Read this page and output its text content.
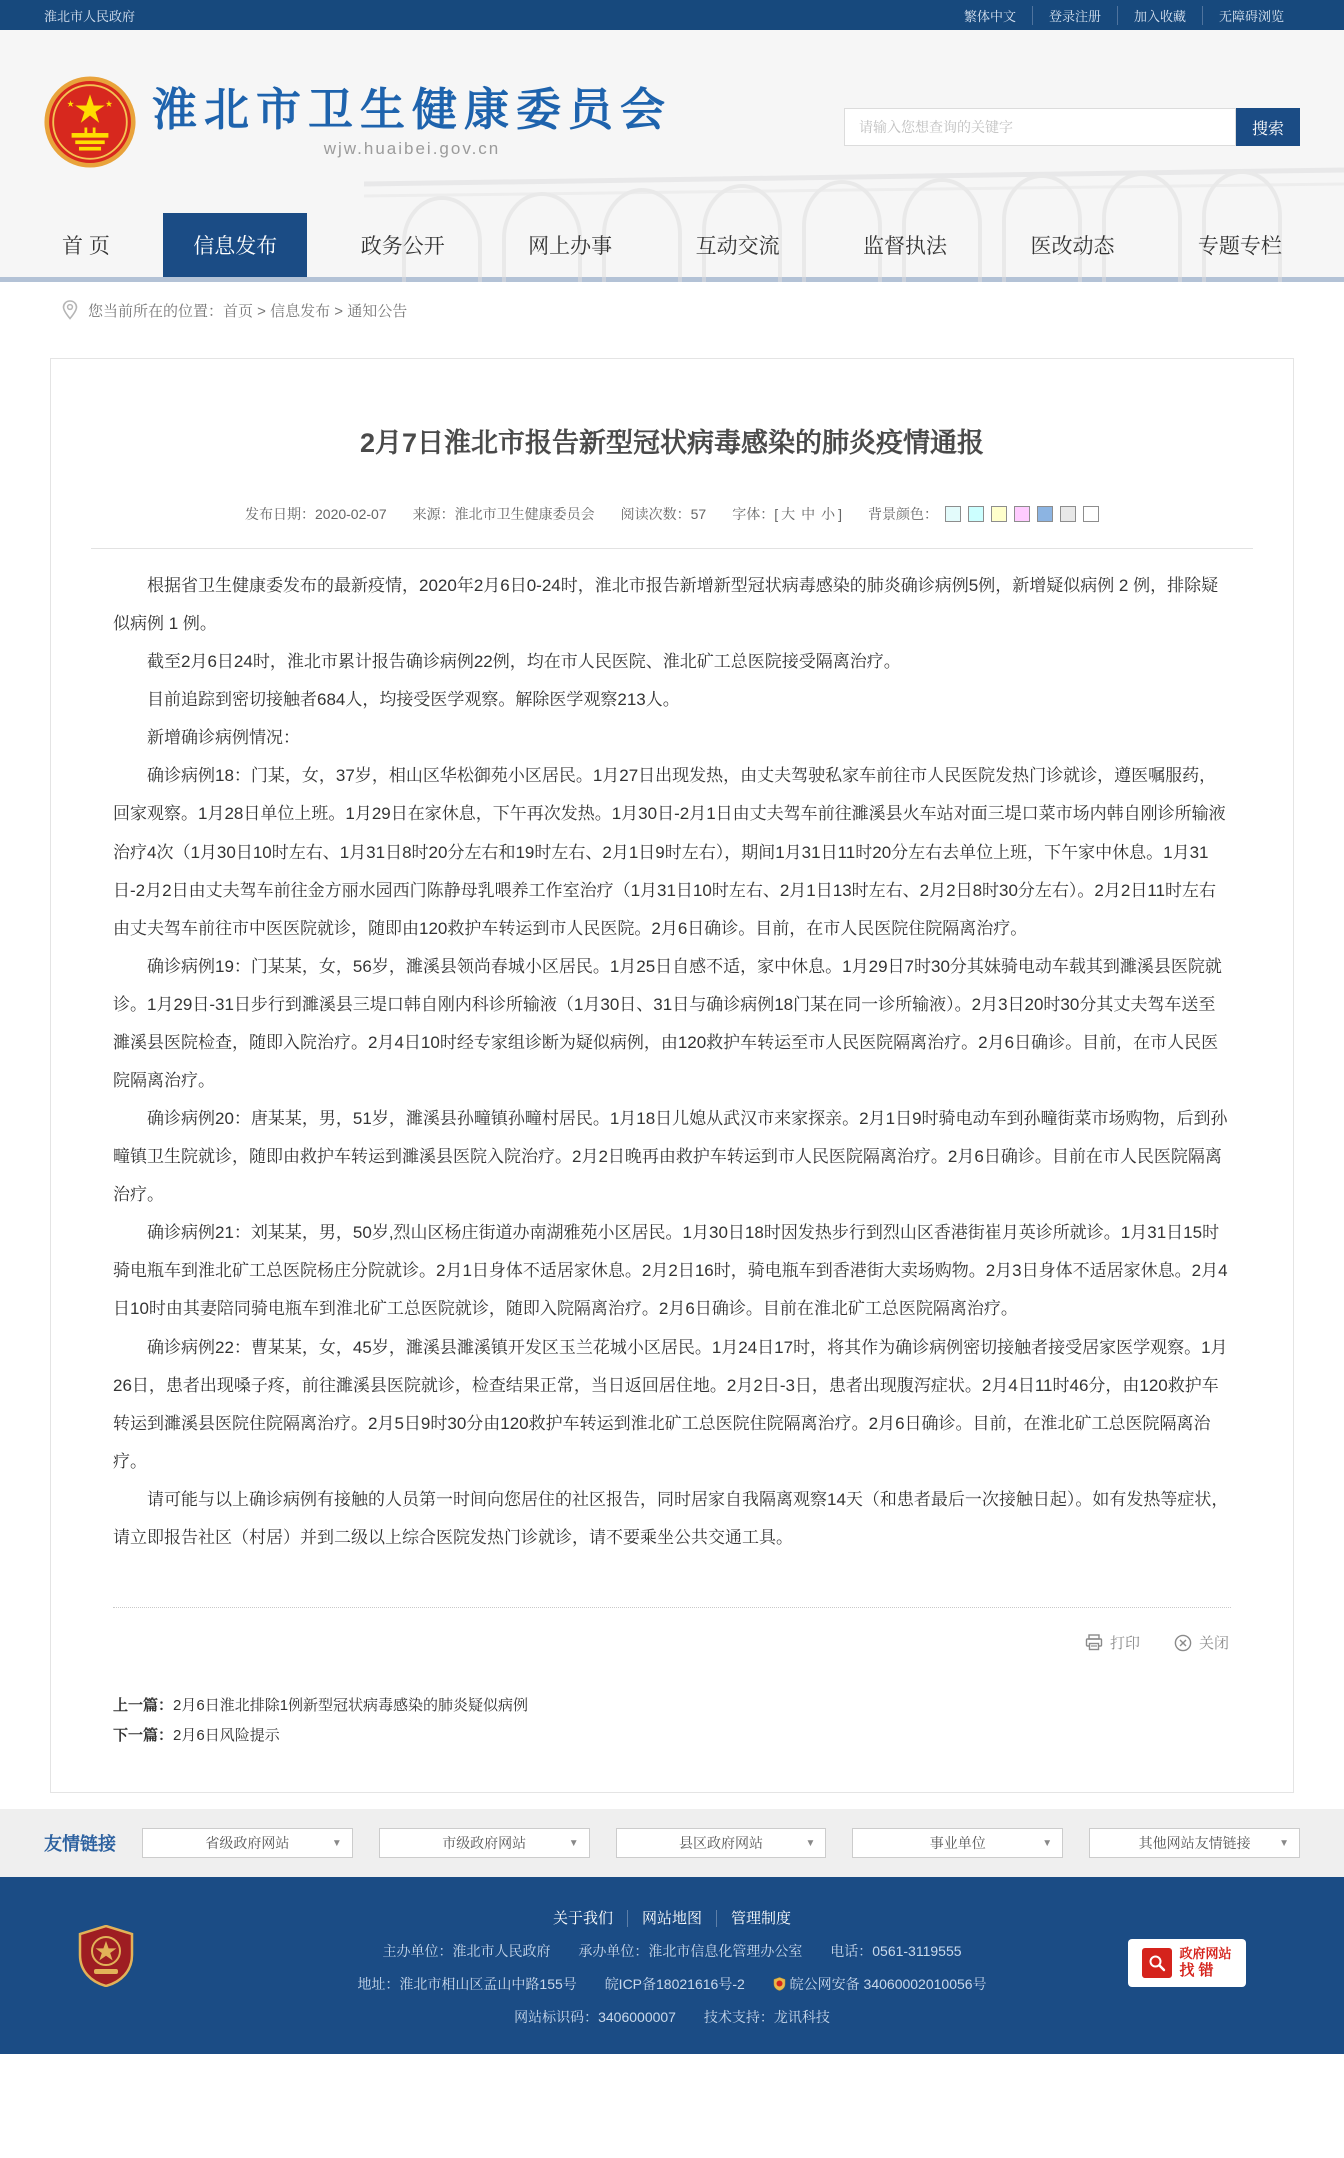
淮北市人民政府	繁体中文	登录注册	加入收藏	无障碍浏览
淮北市卫生健康委员会
wjw.huaibei.gov.cn
请输入您想查询的关键字
搜索
首 页	信息发布	政务公开	网上办事	互动交流	监督执法	医改动态	专题专栏
您当前所在的位置：首页 > 信息发布 > 通知公告
2月7日淮北市报告新型冠状病毒感染的肺炎疫情通报
发布日期：2020-02-07 来源：淮北市卫生健康委员会 阅读次数：57 字体：[ 大 中 小 ] 背景颜色：

根据省卫生健康委发布的最新疫情，2020年2月6日0-24时，淮北市报告新增新型冠状病毒感染的肺炎确诊病例5例，新增疑似病例 2 例，排除疑似病例 1 例。

截至2月6日24时，淮北市累计报告确诊病例22例，均在市人民医院、淮北矿工总医院接受隔离治疗。

目前追踪到密切接触者684人，均接受医学观察。解除医学观察213人。

新增确诊病例情况：

确诊病例18：门某，女，37岁，相山区华松御苑小区居民。1月27日出现发热，由丈夫驾驶私家车前往市人民医院发热门诊就诊，遵医嘱服药，回家观察。1月28日单位上班。1月29日在家休息，下午再次发热。1月30日-2月1日由丈夫驾车前往濉溪县火车站对面三堤口菜市场内韩自刚诊所输液治疗4次（1月30日10时左右、1月31日8时20分左右和19时左右、2月1日9时左右），期间1月31日11时20分左右去单位上班，下午家中休息。1月31日-2月2日由丈夫驾车前往金方丽水园西门陈静母乳喂养工作室治疗（1月31日10时左右、2月1日13时左右、2月2日8时30分左右）。2月2日11时左右由丈夫驾车前往市中医医院就诊，随即由120救护车转运到市人民医院。2月6日确诊。目前，在市人民医院住院隔离治疗。

确诊病例19：门某某，女，56岁，濉溪县领尚春城小区居民。1月25日自感不适，家中休息。1月29日7时30分其妹骑电动车载其到濉溪县医院就诊。1月29日-31日步行到濉溪县三堤口韩自刚内科诊所输液（1月30日、31日与确诊病例18门某在同一诊所输液）。2月3日20时30分其丈夫驾车送至濉溪县医院检查，随即入院治疗。2月4日10时经专家组诊断为疑似病例，由120救护车转运至市人民医院隔离治疗。2月6日确诊。目前，在市人民医院隔离治疗。

确诊病例20：唐某某，男，51岁，濉溪县孙疃镇孙疃村居民。1月18日儿媳从武汉市来家探亲。2月1日9时骑电动车到孙疃街菜市场购物，后到孙疃镇卫生院就诊，随即由救护车转运到濉溪县医院入院治疗。2月2日晚再由救护车转运到市人民医院隔离治疗。2月6日确诊。目前在市人民医院隔离治疗。

确诊病例21：刘某某，男，50岁,烈山区杨庄街道办南湖雅苑小区居民。1月30日18时因发热步行到烈山区香港街崔月英诊所就诊。1月31日15时骑电瓶车到淮北矿工总医院杨庄分院就诊。2月1日身体不适居家休息。2月2日16时，骑电瓶车到香港街大卖场购物。2月3日身体不适居家休息。2月4日10时由其妻陪同骑电瓶车到淮北矿工总医院就诊，随即入院隔离治疗。2月6日确诊。目前在淮北矿工总医院隔离治疗。

确诊病例22：曹某某，女，45岁，濉溪县濉溪镇开发区玉兰花城小区居民。1月24日17时，将其作为确诊病例密切接触者接受居家医学观察。1月26日，患者出现嗓子疼，前往濉溪县医院就诊，检查结果正常，当日返回居住地。2月2日-3日，患者出现腹泻症状。2月4日11时46分，由120救护车转运到濉溪县医院住院隔离治疗。2月5日9时30分由120救护车转运到淮北矿工总医院住院隔离治疗。2月6日确诊。目前，在淮北矿工总医院隔离治疗。

请可能与以上确诊病例有接触的人员第一时间向您居住的社区报告，同时居家自我隔离观察14天（和患者最后一次接触日起）。如有发热等症状，请立即报告社区（村居）并到二级以上综合医院发热门诊就诊，请不要乘坐公共交通工具。

打印	关闭
上一篇：2月6日淮北排除1例新型冠状病毒感染的肺炎疑似病例
下一篇：2月6日风险提示
友情链接	省级政府网站	▼	市级政府网站	▼	县区政府网站	▼	事业单位	▼	其他网站友情链接	▼
关于我们 网站地图 管理制度
主办单位：淮北市人民政府 承办单位：淮北市信息化管理办公室 电话：0561-3119555
地址：淮北市相山区孟山中路155号 皖ICP备18021616号-2	皖公网安备 34060002010056号
网站标识码：3406000007 技术支持：龙讯科技
政府网站
找错
